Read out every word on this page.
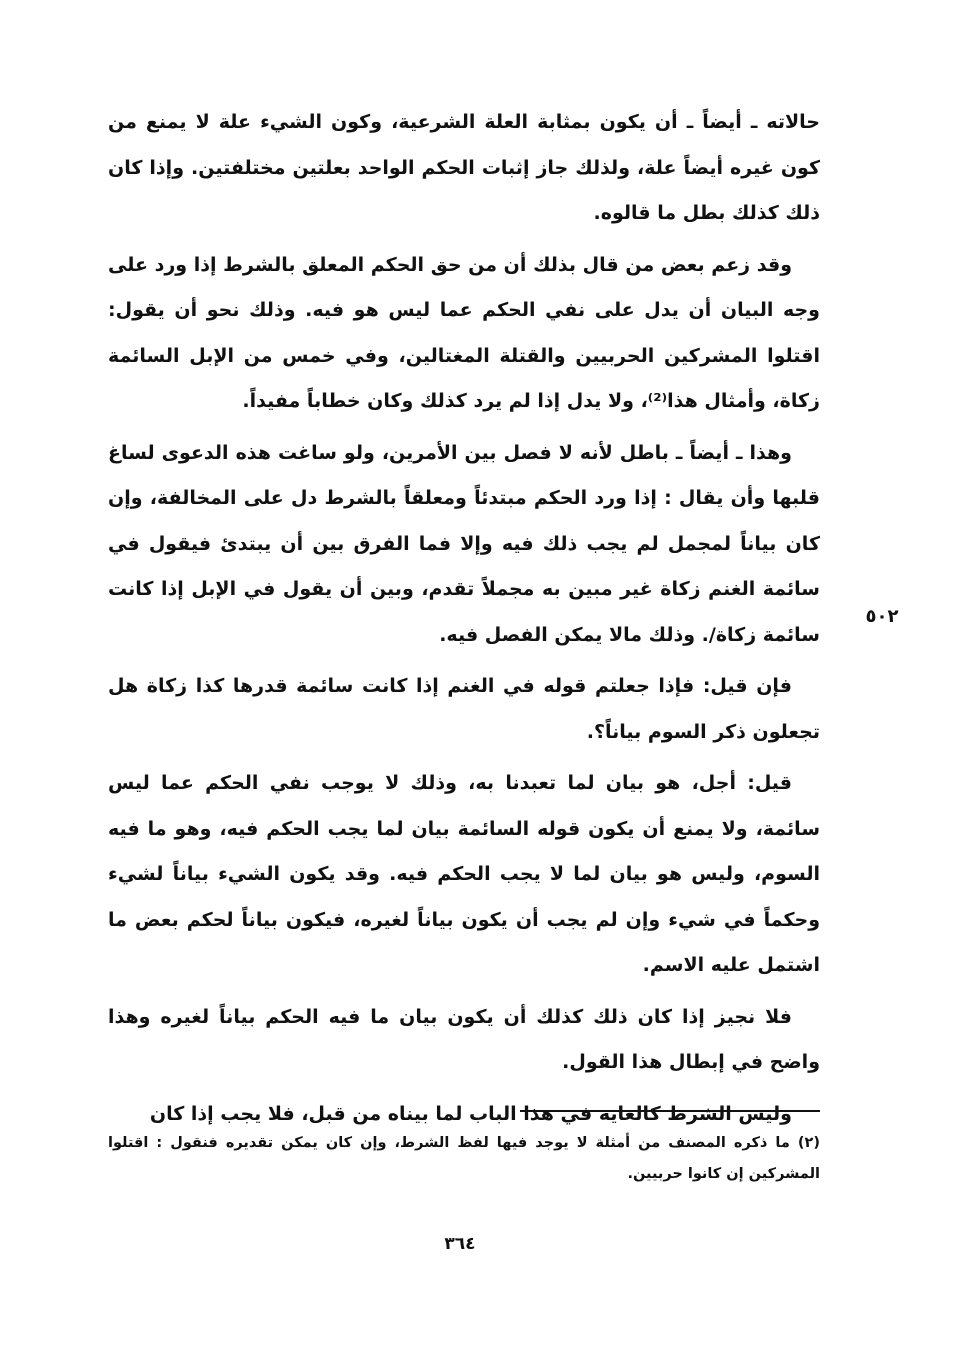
حالاته ـ أيضاً ـ أن يكون بمثابة العلة الشرعية، وكون الشيء علة لا يمنع من كون غيره أيضاً علة، ولذلك جاز إثبات الحكم الواحد بعلتين مختلفتين. وإذا كان ذلك كذلك بطل ما قالوه.

وقد زعم بعض من قال بذلك أن من حق الحكم المعلق بالشرط إذا ورد على وجه البيان أن يدل على نفي الحكم عما ليس هو فيه. وذلك نحو أن يقول: اقتلوا المشركين الحربيين والقتلة المغتالين، وفي خمس من الإبل السائمة زكاة، وأمثال هذا⁽²⁾، ولا يدل إذا لم يرد كذلك وكان خطاباً مفيداً.

وهذا ـ أيضاً ـ باطل لأنه لا فصل بين الأمرين، ولو ساغت هذه الدعوى لساغ قلبها وأن يقال : إذا ورد الحكم مبتدئاً ومعلقاً بالشرط دل على المخالفة، وإن كان بياناً لمجمل لم يجب ذلك فيه وإلا فما الفرق بين أن يبتدئ فيقول في سائمة الغنم زكاة غير مبين به مجملاً تقدم، وبين أن يقول في الإبل إذا كانت سائمة زكاة/. وذلك مالا يمكن الفصل فيه.

فإن قيل: فإذا جعلتم قوله في الغنم إذا كانت سائمة قدرها كذا زكاة هل تجعلون ذكر السوم بياناً؟.

قيل: أجل، هو بيان لما تعبدنا به، وذلك لا يوجب نفي الحكم عما ليس سائمة، ولا يمنع أن يكون قوله السائمة بيان لما يجب الحكم فيه، وهو ما فيه السوم، وليس هو بيان لما لا يجب الحكم فيه. وقد يكون الشيء بياناً لشيء وحكماً في شيء وإن لم يجب أن يكون بياناً لغيره، فيكون بياناً لحكم بعض ما اشتمل عليه الاسم.

فلا نجيز إذا كان ذلك كذلك أن يكون بيان ما فيه الحكم بياناً لغيره وهذا واضح في إبطال هذا القول.

وليس الشرط كالغاية في هذا الباب لما بيناه من قبل، فلا يجب إذا كان

٥٠٢

(٢) ما ذكره المصنف من أمثلة لا يوجد فيها لفظ الشرط، وإن كان يمكن تقديره فنقول : اقتلوا المشركين إن كانوا حربيين.

٣٦٤
